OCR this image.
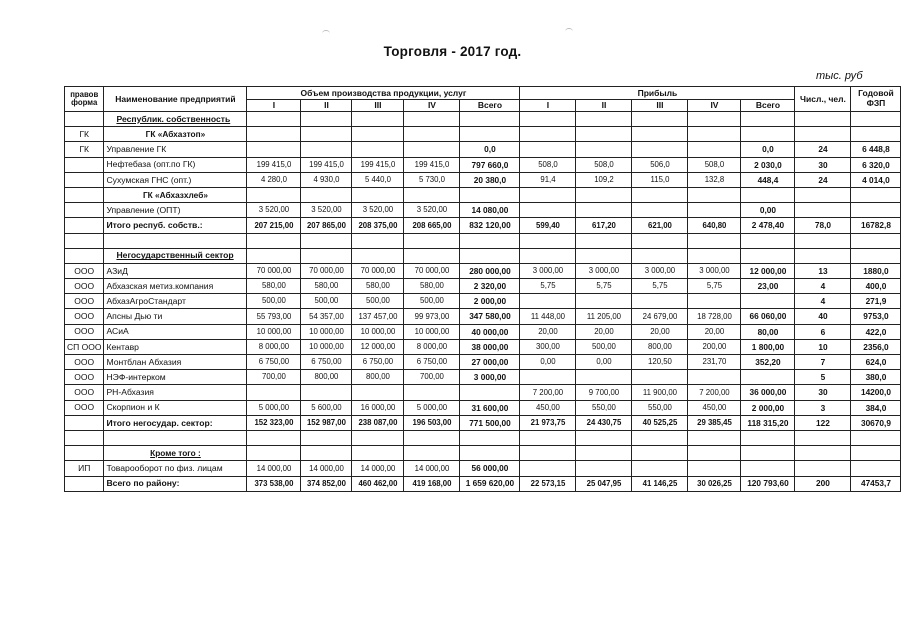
Торговля - 2017 год.
тыс. руб
правов форма	Наименование предприятий	Объем производства продукции, услуг					Прибыль					Числ., чел.	Годовой ФЗП
		I	II	III	IV	Всего	I	II	III	IV	Всего		
	Республик. собственность												
ГК	ГК «Абхазтоп»												
ГК	Управление ГК					0,0					0,0	24	6 448,8
	Нефтебаза (опт.по ГК)	199 415,0	199 415,0	199 415,0	199 415,0	797 660,0	508,0	508,0	506,0	508,0	2 030,0	30	6 320,0
	Сухумская ГНС (опт.)	4 280,0	4 930,0	5 440,0	5 730,0	20 380,0	91,4	109,2	115,0	132,8	448,4	24	4 014,0
	ГК «Абхазхлеб»												
	Управление (ОПТ)	3 520,00	3 520,00	3 520,00	3 520,00	14 080,00					0,00		
	Итого респуб. собств.:	207 215,00	207 865,00	208 375,00	208 665,00	832 120,00	599,40	617,20	621,00	640,80	2 478,40	78,0	16782,8

	Негосударственный сектор												
ООО	АЗиД	70 000,00	70 000,00	70 000,00	70 000,00	280 000,00	3 000,00	3 000,00	3 000,00	3 000,00	12 000,00	13	1880,0
ООО	Абхазская метиз.компания	580,00	580,00	580,00	580,00	2 320,00	5,75	5,75	5,75	5,75	23,00	4	400,0
ООО	АбхазАгроСтандарт	500,00	500,00	500,00	500,00	2 000,00						4	271,9
ООО	Апсны Дью ти	55 793,00	54 357,00	137 457,00	99 973,00	347 580,00	11 448,00	11 205,00	24 679,00	18 728,00	66 060,00	40	9753,0
ООО	АСиА	10 000,00	10 000,00	10 000,00	10 000,00	40 000,00	20,00	20,00	20,00	20,00	80,00	6	422,0
СП ООО	Кентавр	8 000,00	10 000,00	12 000,00	8 000,00	38 000,00	300,00	500,00	800,00	200,00	1 800,00	10	2356,0
ООО	Монтблан Абхазия	6 750,00	6 750,00	6 750,00	6 750,00	27 000,00	0,00	0,00	120,50	231,70	352,20	7	624,0
ООО	НЭФ-интерком	700,00	800,00	800,00	700,00	3 000,00						5	380,0
ООО	РН-Абхазия						7 200,00	9 700,00	11 900,00	7 200,00	36 000,00	30	14200,0
ООО	Скорпион и К	5 000,00	5 600,00	16 000,00	5 000,00	31 600,00	450,00	550,00	550,00	450,00	2 000,00	3	384,0
	Итого негосудар. сектор:	152 323,00	152 987,00	238 087,00	196 503,00	771 500,00	21 973,75	24 430,75	40 525,25	29 385,45	118 315,20	122	30670,9

	Кроме того :												
ИП	Товарооборот по физ. лицам	14 000,00	14 000,00	14 000,00	14 000,00	56 000,00							
	Всего по району:	373 538,00	374 852,00	460 462,00	419 168,00	1 659 620,00	22 573,15	25 047,95	41 146,25	30 026,25	120 793,60	200	47453,7
